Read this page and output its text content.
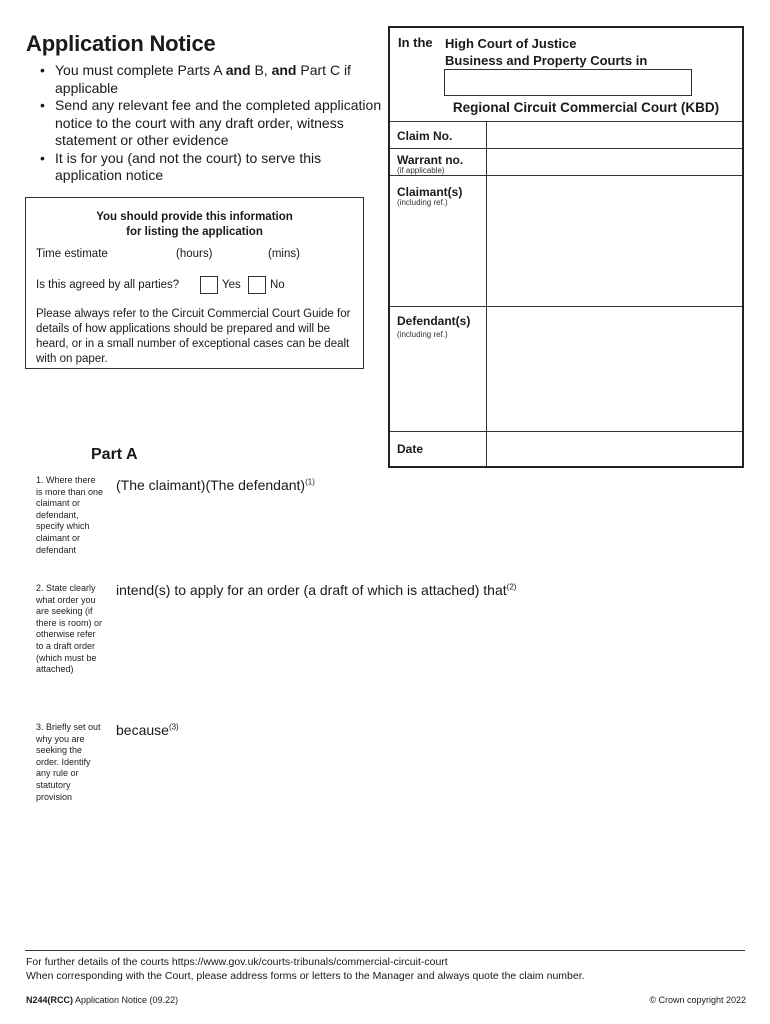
Application Notice
• You must complete Parts A and B, and Part C if applicable
• Send any relevant fee and the completed application notice to the court with any draft order, witness statement or other evidence
• It is for you (and not the court) to serve this application notice
You should provide this information
for listing the application
Time estimate	(hours)	(mins)
Is this agreed by all parties?	Yes	No
Please always refer to the Circuit Commercial Court Guide for details of how applications should be prepared and will be heard, or in a small number of exceptional cases can be dealt with on paper.
In the High Court of Justice
Business and Property Courts in
Regional Circuit Commercial Court (KBD)
Claim No.
Warrant no.
(if applicable)
Claimant(s)
(including ref.)
Defendant(s)
(including ref.)
Date
Part A
1. Where there is more than one claimant or defendant, specify which claimant or defendant
(The claimant)(The defendant)$^{(1)}$
2. State clearly what order you are seeking (if there is room) or otherwise refer to a draft order (which must be attached)
intend(s) to apply for an order (a draft of which is attached) that$^{(2)}$
3. Briefly set out why you are seeking the order. Identify any rule or statutory provision
because$^{(3)}$
For further details of the courts https://www.gov.uk/courts-tribunals/commercial-circuit-court
When corresponding with the Court, please address forms or letters to the Manager and always quote the claim number.
N244(RCC) Application Notice (09.22)	© Crown copyright 2022
